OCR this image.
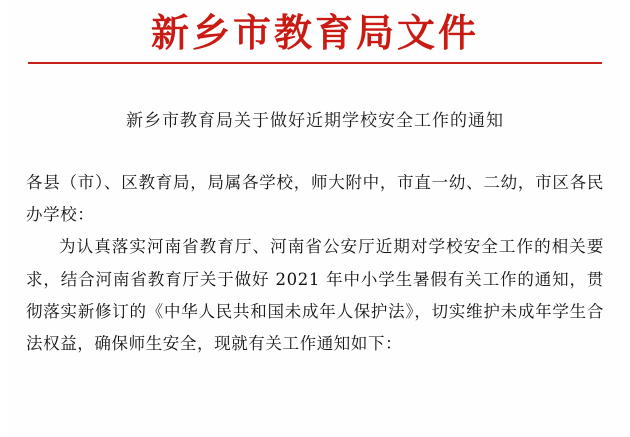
新乡市教育局文件
新乡市教育局关于做好近期学校安全工作的通知

各县（市）、区教育局，局属各学校，师大附中，市直一幼、二幼，市区各民办学校：

为认真落实河南省教育厅、河南省公安厅近期对学校安全工作的相关要求，结合河南省教育厅关于做好 2021 年中小学生暑假有关工作的通知，贯彻落实新修订的《中华人民共和国未成年人保护法》，切实维护未成年学生合法权益，确保师生安全，现就有关工作通知如下：
